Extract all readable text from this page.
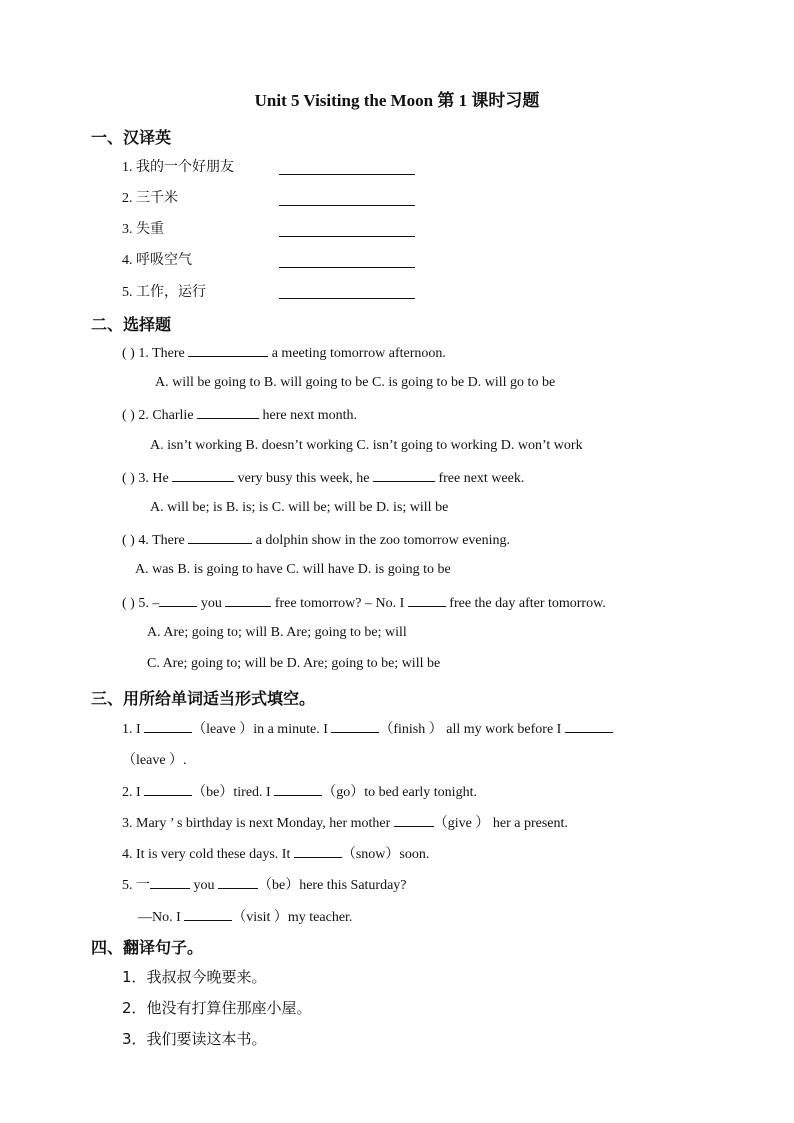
Unit 5 Visiting the Moon 第 1 课时习题
一、汉译英
1. 我的一个好朋友
2. 三千米
3. 失重
4. 呼吸空气
5. 工作，运行
二、选择题
( ) 1. There	a meeting tomorrow afternoon.
A. will be going to B. will going to be C. is going to be D. will go to be
( ) 2. Charlie	here next month.
A. isn’t working B. doesn’t working C. isn’t going to working D. won’t work
( ) 3. He	very busy this week, he	free next week.
A. will be; is B. is; is C. will be; will be D. is; will be
( ) 4. There	a dolphin show in the zoo tomorrow evening.
A. was B. is going to have C. will have D. is going to be
( ) 5. –	you	free tomorrow? – No. I	free the day after tomorrow.
A. Are; going to; will B. Are; going to be; will
C. Are; going to; will be D. Are; going to be; will be
三、用所给单词适当形式填空。
1. I	（leave ）in a minute. I	（finish ） all my work before I
（leave ）.
2. I	（be）tired. I	（go）to bed early tonight.
3. Mary ’ s birthday is next Monday, her mother	（give ） her a present.
4. It is very cold these days. It	（snow）soon.
5. 一	you	（be）here this Saturday?
—No. I	（visit ）my teacher.
四、翻译句子。
1．我叔叔今晚要来。
2．他没有打算住那座小屋。
3．我们要读这本书。
